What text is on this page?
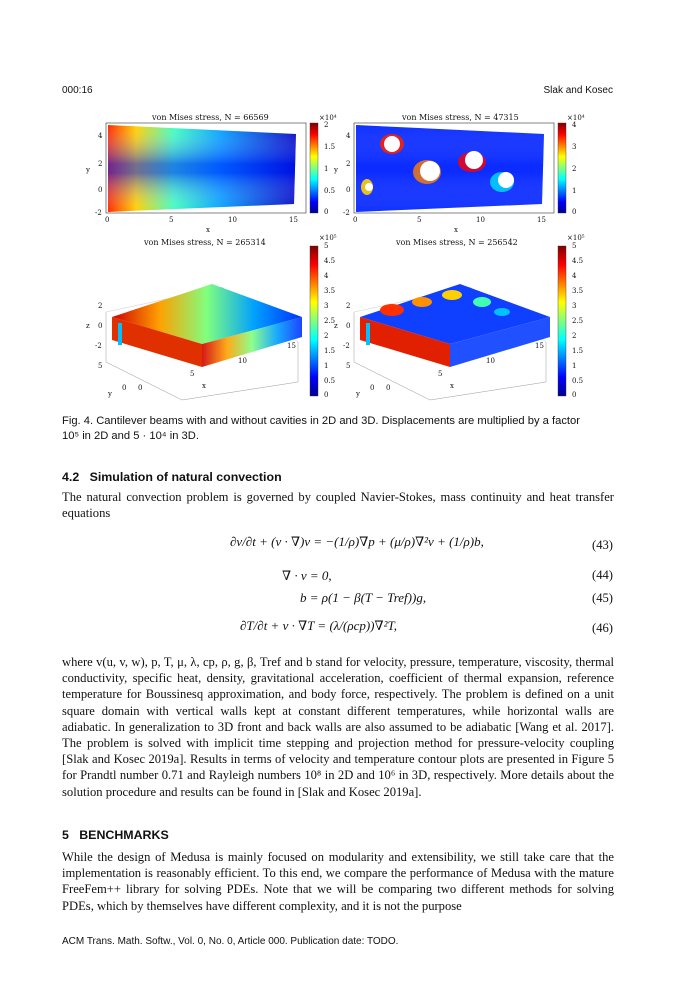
000:16	Slak and Kosec
von Mises stress, N = 66569	×10⁴
2
1.5
1
0.5
0
4
2
0
-2
y
0	5	10	15
x
von Mises stress, N = 47315	×10⁴
4
3
2
1
0
4
2
0
-2
y
0	5	10	15
x
von Mises stress, N = 265314	×10⁵
5
4.5
4
3.5
3
2.5
2
1.5
1
0.5
0
2
0
-2
z
5
0
y
0
5
10
15
x
von Mises stress, N = 256542	×10⁵
5
4.5
4
3.5
3
2.5
2
1.5
1
0.5
0
2
0
-2
z
5
0
y
0
5
10
15
x
Fig. 4. Cantilever beams with and without cavities in 2D and 3D. Displacements are multiplied by a factor
10⁵ in 2D and 5 · 10⁴ in 3D.
4.2 Simulation of natural convection
The natural convection problem is governed by coupled Navier-Stokes, mass continuity and heat transfer equations
∂v/∂t + (v · ∇)v = −(1/ρ)∇p + (μ/ρ)∇²v + (1/ρ)b,	(43)
∇ · v = 0,	(44)
b = ρ(1 − β(T − Tref))g,	(45)
∂T/∂t + v · ∇T = (λ/(ρcp))∇²T,	(46)
where v(u, v, w), p, T, μ, λ, cp, ρ, g, β, Tref and b stand for velocity, pressure, temperature, viscosity, thermal conductivity, specific heat, density, gravitational acceleration, coefficient of thermal expansion, reference temperature for Boussinesq approximation, and body force, respectively. The problem is defined on a unit square domain with vertical walls kept at constant different temperatures, while horizontal walls are adiabatic. In generalization to 3D front and back walls are also assumed to be adiabatic [Wang et al. 2017]. The problem is solved with implicit time stepping and projection method for pressure-velocity coupling [Slak and Kosec 2019a]. Results in terms of velocity and temperature contour plots are presented in Figure 5 for Prandtl number 0.71 and Rayleigh numbers 10⁸ in 2D and 10⁶ in 3D, respectively. More details about the solution procedure and results can be found in [Slak and Kosec 2019a].
5 BENCHMARKS
While the design of Medusa is mainly focused on modularity and extensibility, we still take care that the implementation is reasonably efficient. To this end, we compare the performance of Medusa with the mature FreeFem++ library for solving PDEs. Note that we will be comparing two different methods for solving PDEs, which by themselves have different complexity, and it is not the purpose
ACM Trans. Math. Softw., Vol. 0, No. 0, Article 000. Publication date: TODO.
